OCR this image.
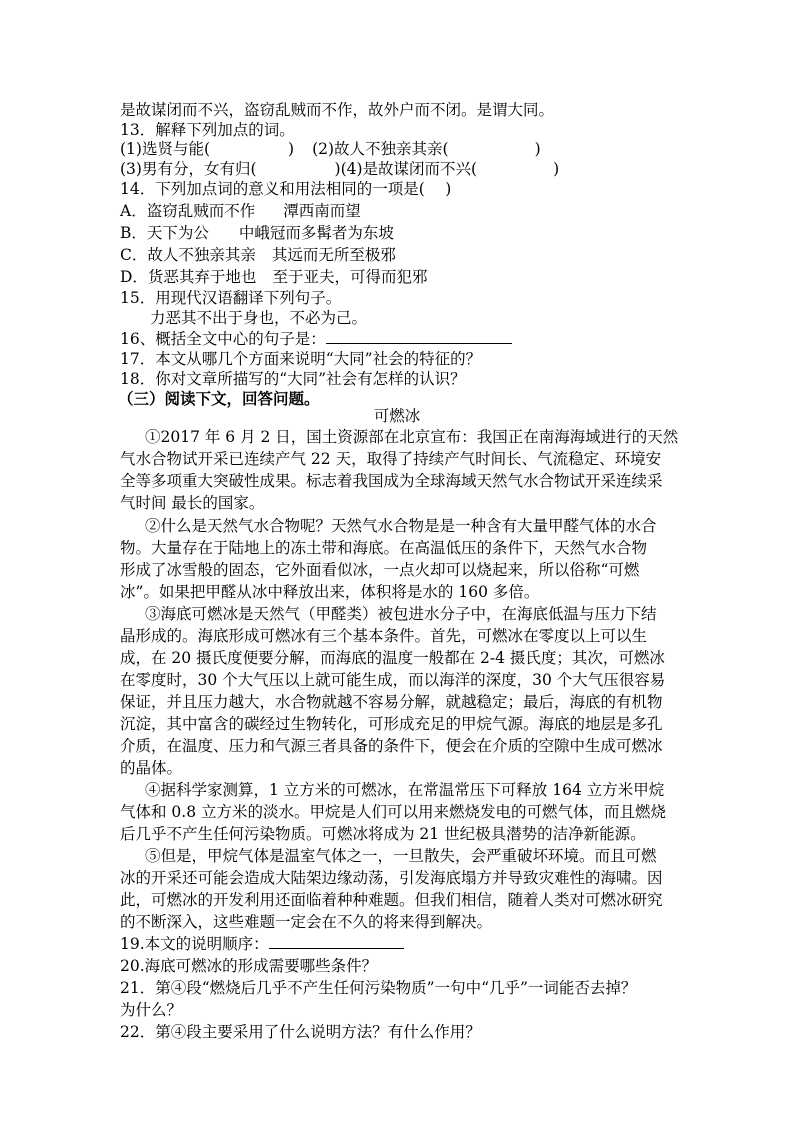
是故谋闭而不兴，盗窃乱贼而不作，故外户而不闭。是谓大同。
13．解释下列加点的词。
(1)选贤与能(	) (2)故人不独亲其亲(	)
(3)男有分，女有归(	)(4)是故谋闭而不兴(	)
14．下列加点词的意义和用法相同的一项是(　 )
A．盗窃乱贼而不作 潭西南而望
B．天下为公 中峨冠而多髯者为东坡
C．故人不独亲其亲 其远而无所至极邪
D．货恶其弃于地也 至于亚夫，可得而犯邪
15．用现代汉语翻译下列句子。
力恶其不出于身也，不必为己。
16、概括全文中心的句子是：
17．本文从哪几个方面来说明“大同”社会的特征的？
18．你对文章所描写的“大同”社会有怎样的认识？
（三）阅读下文，回答问题。
可燃冰
①2017 年 6 月 2 日，国土资源部在北京宣布：我国正在南海海域进行的天然
气水合物试开采已连续产气 22 天，取得了持续产气时间长、气流稳定、环境安
全等多项重大突破性成果。标志着我国成为全球海域天然气水合物试开采连续采
气时间 最长的国家。
②什么是天然气水合物呢？天然气水合物是是一种含有大量甲醛气体的水合
物。大量存在于陆地上的冻土带和海底。在高温低压的条件下，天然气水合物
形成了冰雪般的固态，它外面看似冰，一点火却可以烧起来，所以俗称“可燃
冰”。如果把甲醛从冰中释放出来，体积将是水的 160 多倍。
③海底可燃冰是天然气（甲醛类）被包进水分子中，在海底低温与压力下结
晶形成的。海底形成可燃冰有三个基本条件。首先，可燃冰在零度以上可以生
成，在 20 摄氏度便要分解，而海底的温度一般都在 2-4 摄氏度；其次，可燃冰
在零度时，30 个大气压以上就可能生成，而以海洋的深度，30 个大气压很容易
保证，并且压力越大，水合物就越不容易分解，就越稳定；最后，海底的有机物
沉淀，其中富含的碳经过生物转化，可形成充足的甲烷气源。海底的地层是多孔
介质，在温度、压力和气源三者具备的条件下，便会在介质的空隙中生成可燃冰
的晶体。
④据科学家测算，1 立方米的可燃冰，在常温常压下可释放 164 立方米甲烷
气体和 0.8 立方米的淡水。甲烷是人们可以用来燃烧发电的可燃气体，而且燃烧
后几乎不产生任何污染物质。可燃冰将成为 21 世纪极具潜势的洁净新能源。
⑤但是，甲烷气体是温室气体之一，一旦散失，会严重破坏环境。而且可燃
冰的开采还可能会造成大陆架边缘动荡，引发海底塌方并导致灾难性的海啸。因
此，可燃冰的开发利用还面临着种种难题。但我们相信，随着人类对可燃冰研究
的不断深入，这些难题一定会在不久的将来得到解决。
19.本文的说明顺序：
20.海底可燃冰的形成需要哪些条件？
21．第④段“燃烧后几乎不产生任何污染物质”一句中“几乎”一词能否去掉？
为什么？
22．第④段主要采用了什么说明方法？有什么作用？
